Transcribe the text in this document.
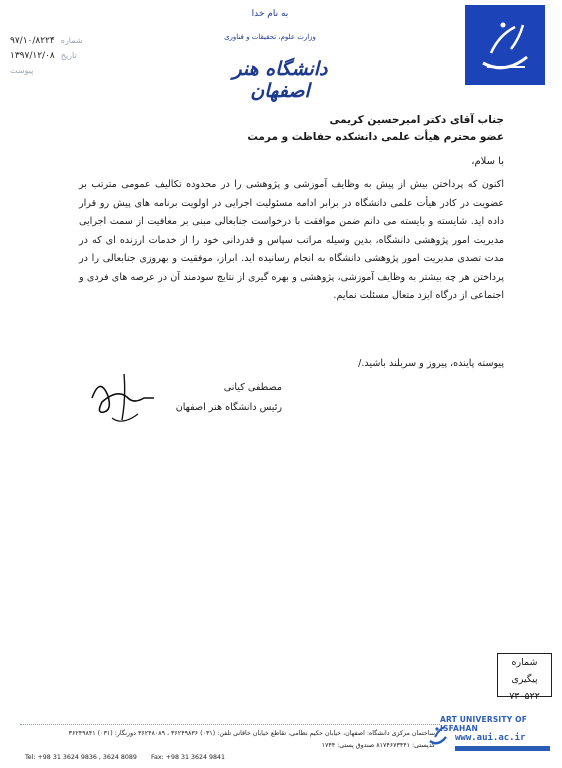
به نام خدا
وزارت علوم، تحقیقات و فناوری
دانشگاه هنر اصفهان
شماره
۹۷/۱۰/۸۲۲۴
تاریخ
۱۳۹۷/۱۲/۰۸
پیوست
جناب آقای دکتر امیرحسین کریمی
عضو محترم هیأت علمی دانشکده حفاظت و مرمت
با سلام،
اکنون که پرداختن بیش از پیش به وظایف آموزشی و پژوهشی را در محدوده تکالیف عمومی مترتب بر عضویت در کادر هیأت علمی دانشگاه در برابر ادامه مسئولیت اجرایی در اولویت برنامه های پیش رو قرار داده اید. شایسته و بایسته می دانم ضمن موافقت با درخواست جنابعالی مبنی بر معافیت از سمت اجرایی مدیریت امور پژوهشی دانشگاه، بدین وسیله مراتب سپاس و قدردانی خود را از خدمات ارزنده ای که در مدت تصدی مدیریت امور پژوهشی دانشگاه به انجام رسانیده اید. ابراز، موفقیت و بهروزی جنابعالی را در پرداختن هر چه بیشتر به وظایف آموزشی، پژوهشی و بهره گیری از نتایج سودمند آن در عرصه های فردی و اجتماعی از درگاه ایزد متعال مسئلت نمایم.
پیوسته پاینده، پیروز و سربلند باشید./
مصطفی کیانی
رئیس دانشگاه هنر اصفهان
شماره پیگیری
۷۳۰۵۲۲
ART UNIVERSITY OF ISFAHAN
ساختمان مرکزی دانشگاه: اصفهان، خیابان حکیم نظامی، تقاطع خیابان خاقانی تلفن: (۰۳۱) ۳۶۲۴۹۸۳۶ ، ۳۶۲۴۸۰۸۹ دورنگار: (۰۳۱) ۳۶۲۴۹۸۴۱
کدپستی: ۸۱۷۴۶۷۳۴۴۱ صندوق پستی: ۱۷۴۴
Tel: +98 31 3624 9836 , 3624 8089 Fax: +98 31 3624 9841
www.aui.ac.ir
